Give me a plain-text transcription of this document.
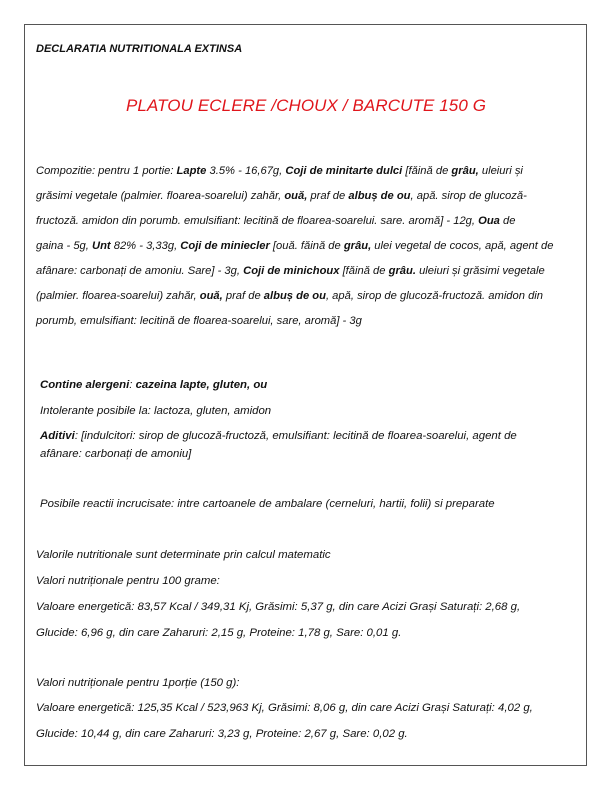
DECLARATIA NUTRITIONALA EXTINSA
PLATOU ECLERE /CHOUX / BARCUTE 150 G
Compozitie: pentru 1 portie: Lapte 3.5% - 16,67g, Coji de minitarte dulci [făină de grâu, uleiuri și
grăsimi vegetale (palmier. floarea-soarelui) zahăr, ouă, praf de albuș de ou, apă. sirop de glucoză-
fructoză. amidon din porumb. emulsifiant: lecitină de floarea-soarelui. sare. aromă] - 12g, Oua de
gaina - 5g, Unt 82% - 3,33g, Coji de miniecler [ouă. făină de grâu, ulei vegetal de cocos, apă, agent de
afânare: carbonați de amoniu. Sare] - 3g, Coji de minichoux [făină de grâu. uleiuri și grăsimi vegetale
(palmier. floarea-soarelui) zahăr, ouă, praf de albuș de ou, apă, sirop de glucoză-fructoză. amidon din
porumb, emulsifiant: lecitină de floarea-soarelui, sare, aromă] - 3g
Contine alergeni: cazeina lapte, gluten, ou
Intolerante posibile la: lactoza, gluten, amidon
Aditivi: [indulcitori: sirop de glucoză-fructoză, emulsifiant: lecitină de floarea-soarelui, agent de
afânare: carbonați de amoniu]
Posibile reactii incrucisate: intre cartoanele de ambalare (cerneluri, hartii, folii) si preparate
Valorile nutritionale sunt determinate prin calcul matematic
Valori nutriționale pentru 100 grame:
Valoare energetică: 83,57 Kcal / 349,31 Kj, Grăsimi: 5,37 g, din care Acizi Grași Saturați: 2,68 g,
Glucide: 6,96 g, din care Zaharuri: 2,15 g, Proteine: 1,78 g, Sare: 0,01 g.
Valori nutriționale pentru 1porție (150 g):
Valoare energetică: 125,35 Kcal / 523,963 Kj, Grăsimi: 8,06 g, din care Acizi Grași Saturați: 4,02 g,
Glucide: 10,44 g, din care Zaharuri: 3,23 g, Proteine: 2,67 g, Sare: 0,02 g.
